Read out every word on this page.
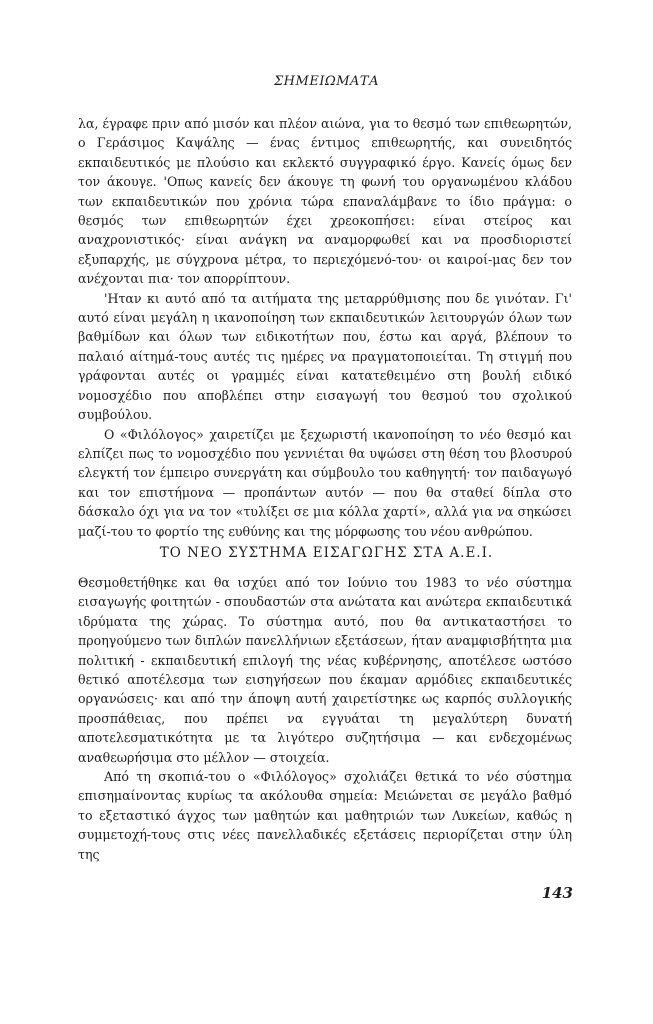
ΣΗΜΕΙΩΜΑΤΑ

λα, έγραφε πριν από μισόν και πλέον αιώνα, για το θεσμό των επιθεωρητών, ο Γεράσιμος Καψάλης — ένας έντιμος επιθεωρητής, και συνειδητός εκπαιδευτικός με πλούσιο και εκλεκτό συγγραφικό έργο. Κανείς όμως δεν τον άκουγε. 'Οπως κανείς δεν άκουγε τη φωνή του οργανωμένου κλάδου των εκπαιδευτικών που χρόνια τώρα επαναλάμβανε το ίδιο πράγμα: ο θεσμός των επιθεωρητών έχει χρεοκοπήσει: είναι στείρος και αναχρονιστικός· είναι ανάγκη να αναμορφωθεί και να προσδιοριστεί εξυπαρχής, με σύγχρονα μέτρα, το περιεχόμενό-του· οι καιροί-μας δεν τον ανέχονται πια· τον απορρίπτουν.

'Ηταν κι αυτό από τα αιτήματα της μεταρρύθμισης που δε γινόταν. Γι' αυτό είναι μεγάλη η ικανοποίηση των εκπαιδευτικών λειτουργών όλων των βαθμίδων και όλων των ειδικοτήτων που, έστω και αργά, βλέπουν το παλαιό αίτημά-τους αυτές τις ημέρες να πραγματοποιείται. Τη στιγμή που γράφονται αυτές οι γραμμές είναι κατατεθειμένο στη βουλή ειδικό νομοσχέδιο που αποβλέπει στην εισαγωγή του θεσμού του σχολικού συμβούλου.

Ο «Φιλόλογος» χαιρετίζει με ξεχωριστή ικανοποίηση το νέο θεσμό και ελπίζει πως το νομοσχέδιο που γεννιέται θα υψώσει στη θέση του βλοσυρού ελεγκτή τον έμπειρο συνεργάτη και σύμβουλο του καθηγητή· τον παιδαγωγό και τον επιστήμονα — προπάντων αυτόν — που θα σταθεί δίπλα στο δάσκαλο όχι για να τον «τυλίξει σε μια κόλλα χαρτί», αλλά για να σηκώσει μαζί-του το φορτίο της ευθύνης και της μόρφωσης του νέου ανθρώπου.

ΤΟ ΝΕΟ ΣΥΣΤΗΜΑ ΕΙΣΑΓΩΓΗΣ ΣΤΑ Α.Ε.Ι.

Θεσμοθετήθηκε και θα ισχύει από τον Ιούνιο του 1983 το νέο σύστημα εισαγωγής φοιτητών - σπουδαστών στα ανώτατα και ανώτερα εκπαιδευτικά ιδρύματα της χώρας. Το σύστημα αυτό, που θα αντικαταστήσει το προηγούμενο των διπλών πανελλήνιων εξετάσεων, ήταν αναμφισβήτητα μια πολιτική - εκπαιδευτική επιλογή της νέας κυβέρνησης, αποτέλεσε ωστόσο θετικό αποτέλεσμα των εισηγήσεων που έκαμαν αρμόδιες εκπαιδευτικές οργανώσεις· και από την άποψη αυτή χαιρετίστηκε ως καρπός συλλογικής προσπάθειας, που πρέπει να εγγυάται τη μεγαλύτερη δυνατή αποτελεσματικότητα με τα λιγότερο συζητήσιμα — και ενδεχομένως αναθεωρήσιμα στο μέλλον — στοιχεία.

Από τη σκοπιά-του ο «Φιλόλογος» σχολιάζει θετικά το νέο σύστημα επισημαίνοντας κυρίως τα ακόλουθα σημεία: Μειώνεται σε μεγάλο βαθμό το εξεταστικό άγχος των μαθητών και μαθητριών των Λυκείων, καθώς η συμμετοχή-τους στις νέες πανελλαδικές εξετάσεις περιορίζεται στην ύλη της

143
